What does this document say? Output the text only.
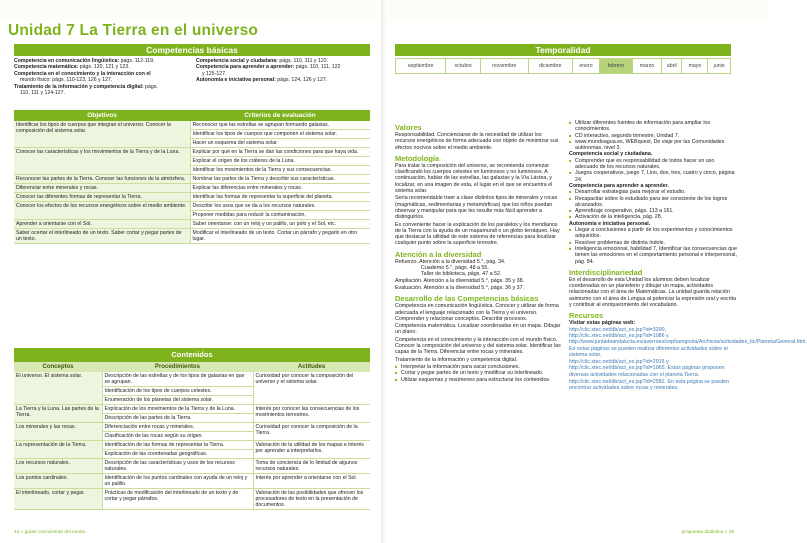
Unidad 7 La Tierra en el universo
Competencias básicas
Competencia en comunicación lingüística: págs. 112-119.
Competencia matemática: págs. 120, 121 y 123.
Competencia en el conocimiento y la interacción con el
mundo físico: págs. 110-123, 126 y 127.
Tratamiento de la información y competencia digital: págs.
110, 111 y 124-127.
Competencia social y ciudadana: págs. 110, 111 y 122.
Competencia para aprender a aprender: págs. 110, 111, 122
y 125-127.
Autonomía e iniciativa personal: págs. 124, 126 y 127.
Temporalidad
septiembre	octubre	noviembre	diciembre	enero	febrero	marzo	abril	mayo	junio
Objetivos	Criterios de evaluación
Identificar los tipos de cuerpos que integran el universo. Conocer la composición del sistema solar.	Reconocer que las estrellas se agrupan formando galaxias.
	Identificar los tipos de cuerpos que componen el sistema solar.
	Hacer un esquema del sistema solar.
Conocer las características y los movimientos de la Tierra y de la Luna.	Explicar por qué en la Tierra se dan las condiciones para que haya vida.
	Explicar el origen de los cráteres de la Luna.
	Identificar los movimientos de la Tierra y sus consecuencias.
Reconocer las partes de la Tierra. Conocer las funciones de la atmósfera.	Nombrar las partes de la Tierra y describir sus características.
Diferenciar entre minerales y rocas.	Explicar las diferencias entre minerales y rocas.
Conocer las diferentes formas de representar la Tierra.	Identificar las formas de representar la superficie del planeta.
Conocer los efectos de los recursos energéticos sobre el medio ambiente.	Describir los usos que se da a los recursos naturales.
	Proponer medidas para reducir la contaminación.
Aprender a orientarse con el Sol.	Saber orientarse: con un reloj y un palillo, un polo y el Sol, etc.
Saber ocertar el interlineado de un texto. Saber cortar y pegar partes de un texto.	Modificar el interlineado de un texto. Cortar un párrafo y pegarlo en otro lugar.
Contenidos
Conceptos	Procedimientos	Actitudes
El universo. El sistema solar.	Descripción de las estrellas y de los tipos de galaxias en que se agrupan.	Curiosidad por conocer la composición del universo y el sistema solar.
	Identificación de los tipos de cuerpos celestes.	
	Enumeración de los planetas del sistema solar.	
La Tierra y la Luna. Las partes de la Tierra.	Explicación de los movimientos de la Tierra y de la Luna.	Interés por conocer las consecuencias de los movimientos terrestres.
	Descripción de las partes de la Tierra.	
Los minerales y las rocas.	Diferenciación entre rocas y minerales.	Curiosidad por conocer la composición de la Tierra.
	Clasificación de las rocas según su origen.	
La representación de la Tierra.	Identificación de las formas de representar la Tierra.	Valoración de la utilidad de los mapas e interés por aprender a interpretarlos.
	Explicación de las coordenadas geográficas.	
Los recursos naturales.	Descripción de las características y usos de los recursos naturales.	Toma de conciencia de lo limitad de algunos recursos naturales.
Los puntos cardinales.	Identificación de los puntos cardinales con ayuda de un reloj y un palillo.	Interés por aprender a orientarse con el Sol.
El interlineado, cortar y pegar.	Prácticas de modificación del interlineado de un texto y de cortar y pegar párrafos.	Valoración de las posibilidades que ofrecen los procesadores de texto en la presentación de documentos.
Valores
Responsabilidad. Concienciarse de la necesidad de utilizar los recursos energéticos de forma adecuada con objeto de minimizar sus efectos nocivos sobre el medio ambiente.
Metodología
Para tratar la composición del universo, se recomienda comenzar clasificando los cuerpos celestes en luminosos y no luminosos. A continuación, hablar de las estrellas, las galaxias y la Vía Láctea, y localizar, en una imagen de esta, el lugar en el que se encuentra el sistema solar.
Sería recomendable traer a clase distintos tipos de minerales y rocas (magmáticas, sedimentarias y metamórficas) que los niños puedan observar y manipular para que les resulte más fácil aprender a distinguirlos.
Es conveniente hacer la explicación de los paralelos y los meridianos de la Tierra con la ayuda de un mapamundi o un globo terráqueo. Hay que destacar la utilidad de este sistema de referencias para localizar cualquier punto sobre la superficie terrestre.
Atención a la diversidad
Refuerzo. Atención a la diversidad 5.°, pág. 34.
Cuaderno 5.°, págs. 48 a 55.
Taller de biblioteca, págs. 47 a 52.
Ampliación. Atención a la diversidad 5.°, págs. 35 y 38.
Evaluación. Atención a la diversidad 5.°, págs. 36 y 37.
Desarrollo de las Competencias básicas
Competencia en comunicación lingüística. Conocer y utilizar de forma adecuada el lenguaje relacionado con la Tierra y el universo. Comprender y relacionar conceptos. Describir procesos.
Competencia matemática. Localizar coordenadas en un mapa. Dibujar un plano.
Competencia en el conocimiento y la interacción con el mundo físico. Conocer la composición del universo y del sistema solar. Identificar las capas de la Tierra. Diferenciar entre rocas y minerales.
Tratamiento de la información y competencia digital.
■ Interpretar la información para sacar conclusiones.
■ Cortar y pegar partes de un texto y modificar su interlineado.
■ Utilizar esquemas y resúmenes para estructurar los contenidos.
■ Utilizar diferentes fuentes de información para ampliar los conocimientos.
■ CD interactivo, segundo trimestre, Unidad 7.
■ www.mundoagua.es, WEBquest, De viaje por las Comunidades autónomas, nivel 3.
Competencia social y ciudadana.
■ Comprender que es responsabilidad de todos hacer un uso adecuado de los recursos naturales.
■ Juegos cooperativos, juego 7, Lino, dos, tres, cuatro y cinco, página 24.
Competencia para aprender a aprender.
■ Desarrollar estrategias para mejorar el estudio.
■ Recapacitar sobre lo estudiado para ser consciente de los logros alcanzados.
■ Aprendizaje cooperativo, págs. 113 a 161.
■ Activación de la inteligencia, pág. 28.
Autonomía e iniciativa personal.
■ Llegar a conclusiones a partir de los experimentos y conocimientos adquiridos.
■ Resolver problemas de distinta índole.
■ Inteligencia emocional, habilidad 7, Identificar las consecuencias que tienen las emociones en el comportamiento personal e interpersonal, pág. 84.
Interdisciplinariedad
En el desarrollo de esta Unidad los alumnos deben localizar coordenadas en un planisferio y dibujar un mapa, actividades relacionadas con el área de Matemáticas. La unidad guarda relación asimismo con el área de Lengua al potenciar la expresión oral y escrita y contribuir al enriquecimiento del vocabulario.
Recursos
Visitar estas páginas web:
http://clic.xtec.net/db/act_es.jsp?id=3290, http://clic.xtec.net/db/act_es.jsp?id=1086 y http://www.juntadeandalucia.es/averroes/cepfuengirola/Archivos/actividades_tic/Planeta/General.htm. En estas páginas se pueden realizar diferentes actividades sobre el sistema solar.
http://clic.xtec.net/db/act_es.jsp?id=2016 y http://clic.xtec.net/db/act_es.jsp?id=1065. Estas páginas proponen diversas actividades relacionadas con el planeta Tierra.
http://clic.xtec.net/db/act_es.jsp?id=2582. En esta página se pueden encontrar actividades sobre rocas y minerales.
44 » guías concurrente del medio.	propuesta didáctica » 45
